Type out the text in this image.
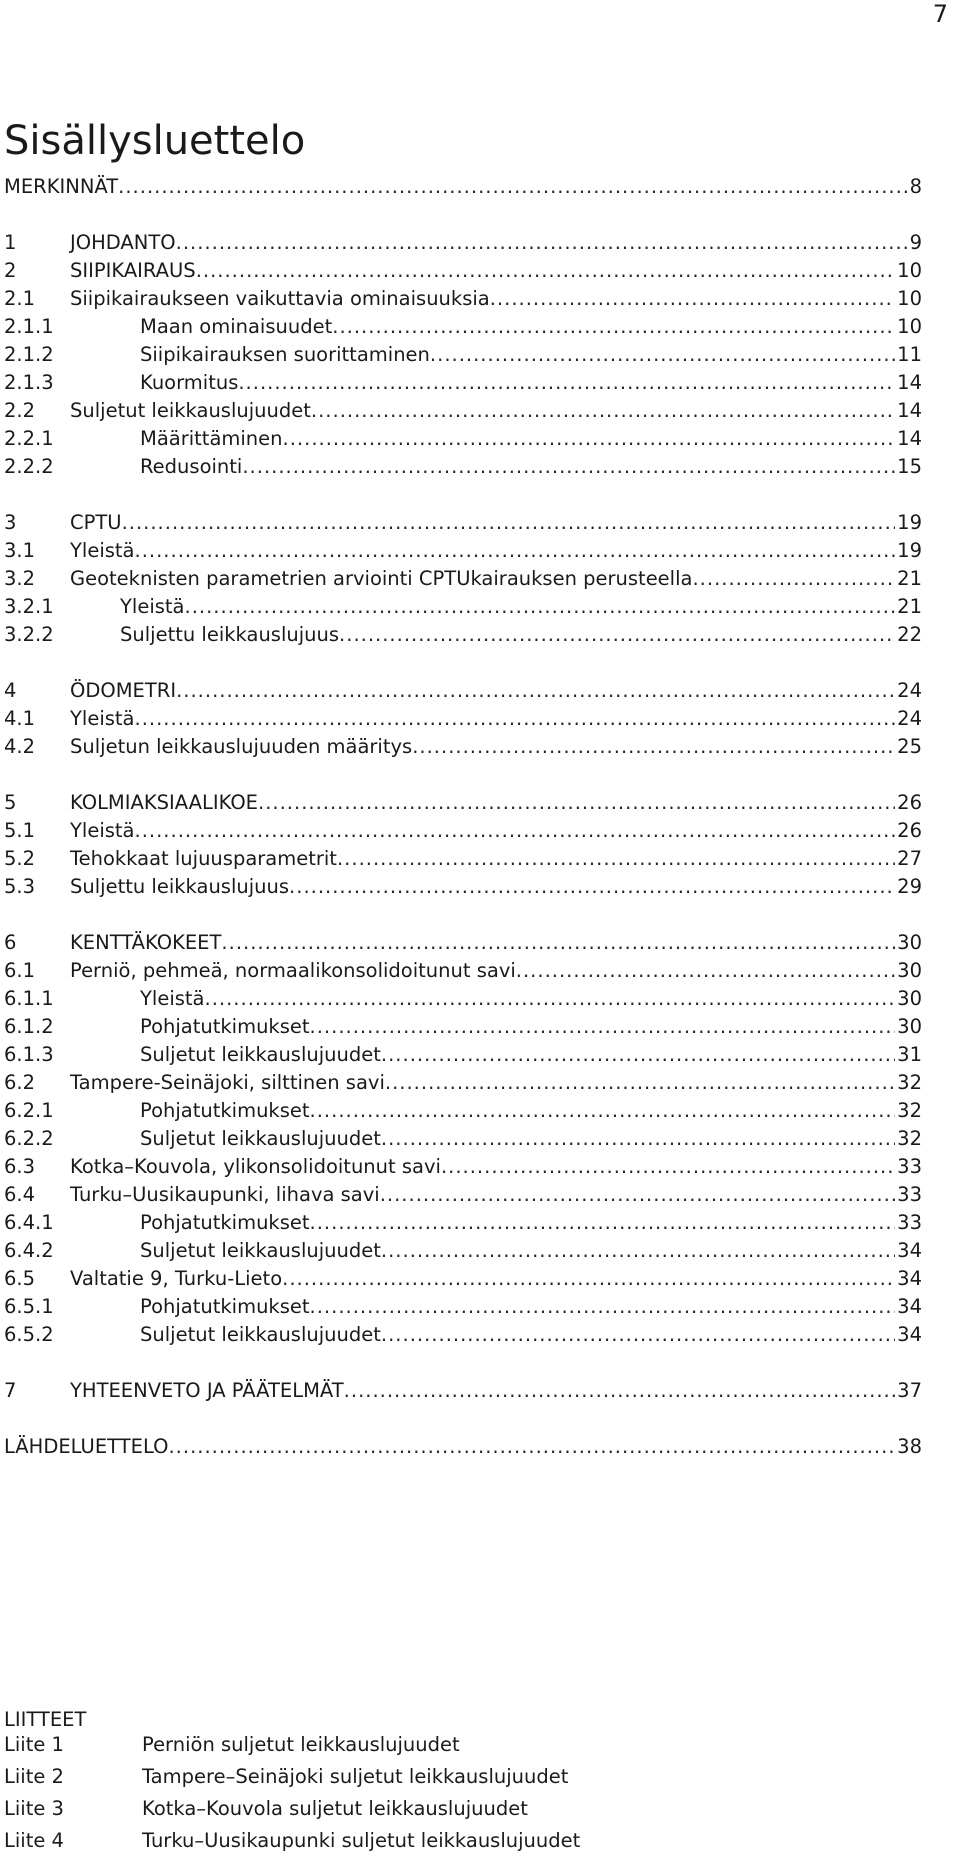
7
Sisällysluettelo
MERKINNÄT .....	8
1	JOHDANTO .....	9
2	SIIPIKAIRAUS .....	10
2.1	Siipikairaukseen vaikuttavia ominaisuuksia .....	10
2.1.1	Maan ominaisuudet .....	10
2.1.2	Siipikairauksen suorittaminen .....	11
2.1.3	Kuormitus .....	14
2.2	Suljetut leikkauslujuudet .....	14
2.2.1	Määrittäminen .....	14
2.2.2	Redusointi .....	15
3	CPTU .....	19
3.1	Yleistä .....	19
3.2	Geoteknisten parametrien arviointi CPTUkairauksen perusteella .....	21
3.2.1	Yleistä .....	21
3.2.2	Suljettu leikkauslujuus .....	22
4	ÖDOMETRI .....	24
4.1	Yleistä .....	24
4.2	Suljetun leikkauslujuuden määritys .....	25
5	KOLMIAKSIAALIKOE .....	26
5.1	Yleistä .....	26
5.2	Tehokkaat lujuusparametrit .....	27
5.3	Suljettu leikkauslujuus .....	29
6	KENTTÄKOKEET .....	30
6.1	Perniö, pehmeä, normaalikonsolidoitunut savi .....	30
6.1.1	Yleistä .....	30
6.1.2	Pohjatutkimukset .....	30
6.1.3	Suljetut leikkauslujuudet .....	31
6.2	Tampere-Seinäjoki, silttinen savi .....	32
6.2.1	Pohjatutkimukset .....	32
6.2.2	Suljetut leikkauslujuudet .....	32
6.3	Kotka–Kouvola, ylikonsolidoitunut savi .....	33
6.4	Turku–Uusikaupunki, lihava savi .....	33
6.4.1	Pohjatutkimukset .....	33
6.4.2	Suljetut leikkauslujuudet .....	34
6.5	Valtatie 9, Turku-Lieto .....	34
6.5.1	Pohjatutkimukset .....	34
6.5.2	Suljetut leikkauslujuudet .....	34
7	YHTEENVETO JA PÄÄTELMÄT .....	37
LÄHDELUETTELO .....	38
LIITTEET
Liite 1	Perniön suljetut leikkauslujuudet
Liite 2	Tampere–Seinäjoki suljetut leikkauslujuudet
Liite 3	Kotka–Kouvola suljetut leikkauslujuudet
Liite 4	Turku–Uusikaupunki suljetut leikkauslujuudet
